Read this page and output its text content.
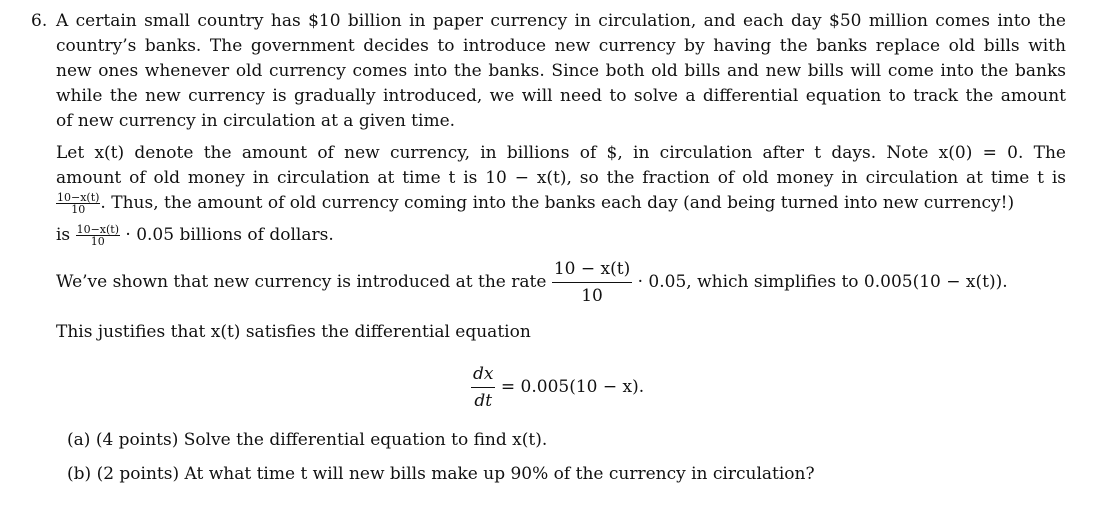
6. A certain small country has $10 billion in paper currency in circulation, and each day $50 million comes into the
country’s banks. The government decides to introduce new currency by having the banks replace old bills with
new ones whenever old currency comes into the banks. Since both old bills and new bills will come into the banks
while the new currency is gradually introduced, we will need to solve a differential equation to track the amount
of new currency in circulation at a given time.
Let x(t) denote the amount of new currency, in billions of $, in circulation after t days. Note x(0) = 0. The
amount of old money in circulation at time t is 10 − x(t), so the fraction of old money in circulation at time t is
$\frac{10-x(t)}{10}$ . Thus, the amount of old currency coming into the banks each day (and being turned into new currency!)
is $\frac{10-x(t)}{10} \cdot 0.05$ billions of dollars.
We’ve shown that new currency is introduced at the rate $\frac{10 - x(t)}{10} \cdot 0.05$, which simplifies to 0.005(10 − x(t)).
This justifies that x(t) satisfies the differential equation
$\frac{dx}{dt} = 0.005(10 - x)$.
(a) (4 points) Solve the differential equation to find x(t).
(b) (2 points) At what time t will new bills make up 90% of the currency in circulation?
